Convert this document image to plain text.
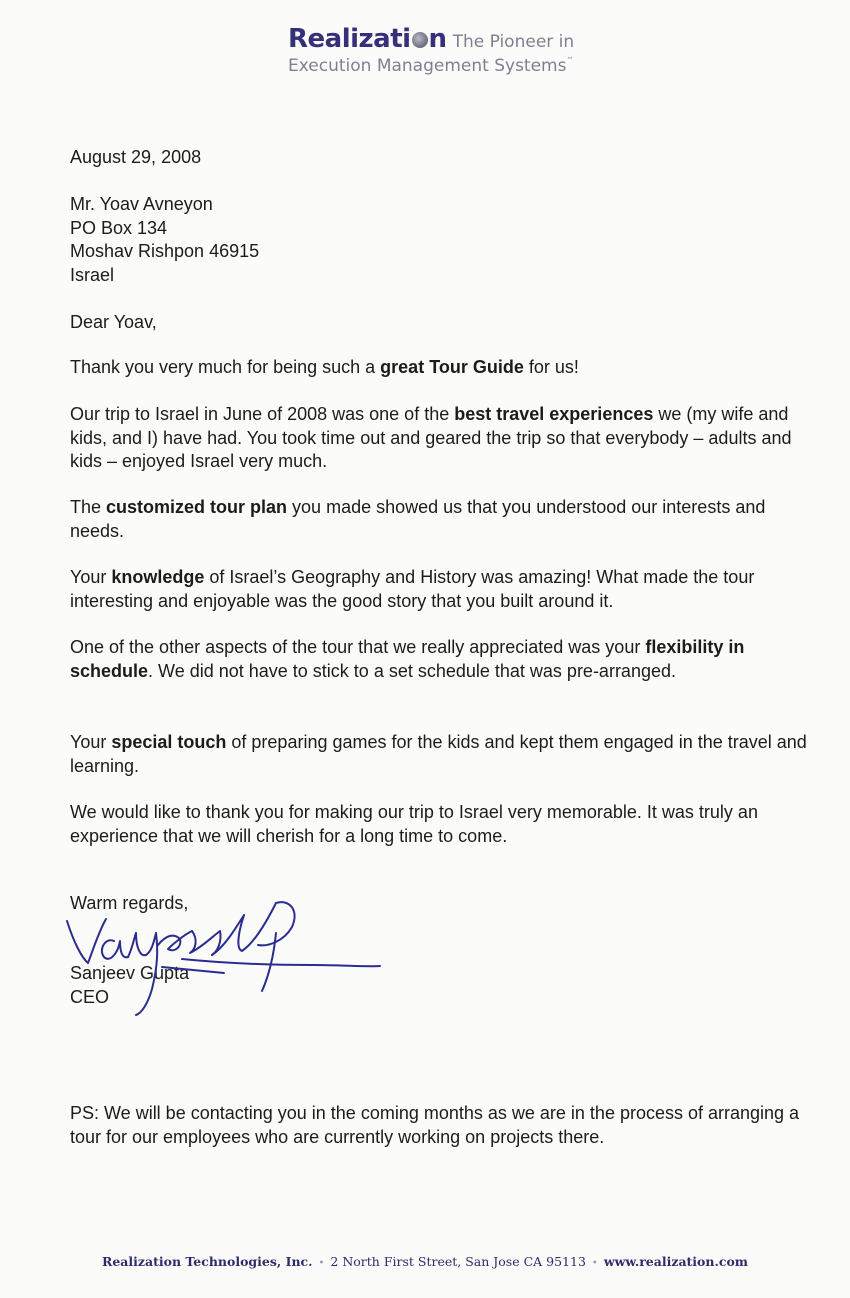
Realizati n The Pioneer in
Execution Management Systems™
August 29, 2008
Mr. Yoav Avneyon
PO Box 134
Moshav Rishpon 46915
Israel
Dear Yoav,
Thank you very much for being such a great Tour Guide for us!
Our trip to Israel in June of 2008 was one of the best travel experiences we (my wife and kids, and I) have had. You took time out and geared the trip so that everybody – adults and kids – enjoyed Israel very much.
The customized tour plan you made showed us that you understood our interests and needs.
Your knowledge of Israel’s Geography and History was amazing! What made the tour interesting and enjoyable was the good story that you built around it.
One of the other aspects of the tour that we really appreciated was your flexibility in schedule. We did not have to stick to a set schedule that was pre-arranged.
Your special touch of preparing games for the kids and kept them engaged in the travel and learning.
We would like to thank you for making our trip to Israel very memorable. It was truly an experience that we will cherish for a long time to come.
Warm regards,
Sanjeev Gupta
CEO
PS: We will be contacting you in the coming months as we are in the process of arranging a tour for our employees who are currently working on projects there.
Realization Technologies, Inc. • 2 North First Street, San Jose CA 95113 • www.realization.com
